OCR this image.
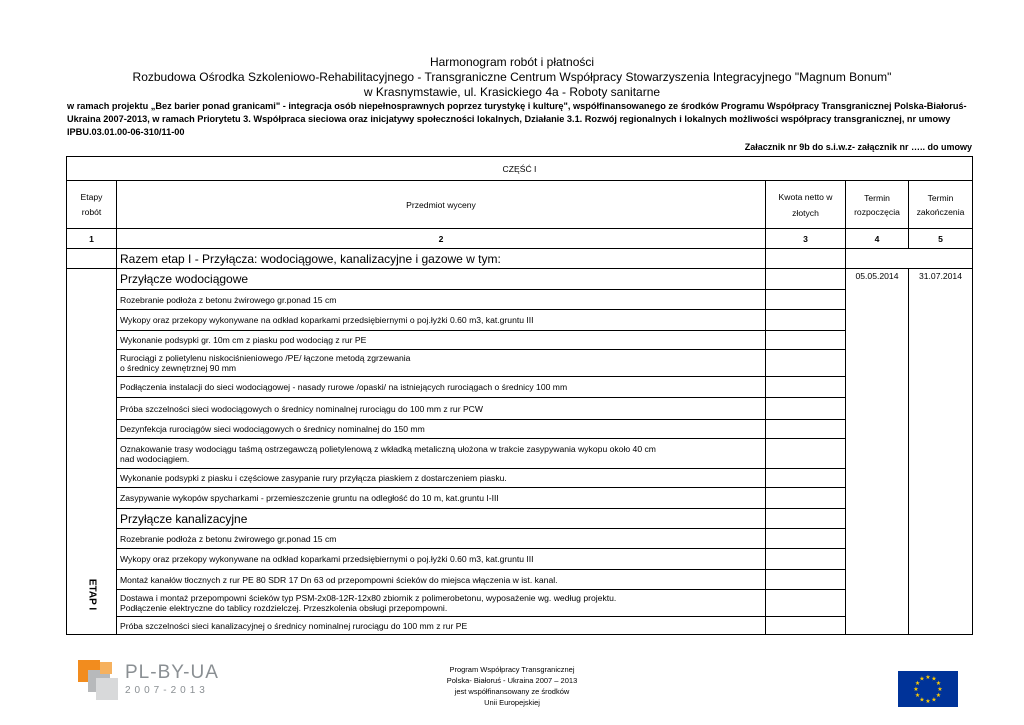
Harmonogram robót i płatności
Rozbudowa Ośrodka Szkoleniowo-Rehabilitacyjnego - Transgraniczne Centrum Współpracy Stowarzyszenia Integracyjnego "Magnum Bonum"
w Krasnymstawie, ul. Krasickiego 4a - Roboty sanitarne
w ramach projektu „Bez barier ponad granicami" - integracja osób niepełnosprawnych poprzez turystykę i kulturę", współfinansowanego ze środków Programu Współpracy Transgranicznej Polska-Białoruś-Ukraina 2007-2013, w ramach Priorytetu 3. Współpraca sieciowa oraz inicjatywy społeczności lokalnych, Działanie 3.1. Rozwój regionalnych i lokalnych możliwości współpracy transgranicznej, nr umowy IPBU.03.01.00-06-310/11-00
Załacznik nr 9b do s.i.w.z- załącznik nr ….. do umowy
CZĘŚĆ I				
Etapy robót	Przedmiot wyceny	Kwota netto w złotych	Termin rozpoczęcia	Termin zakończenia
1	2	3	4	5
	Razem etap I - Przyłącza: wodociągowe, kanalizacyjne i gazowe w tym:			

ETAP I	Przyłącze wodociągowe		05.05.2014	31.07.2014
	Rozebranie podłoża z betonu żwirowego gr.ponad 15 cm			
	Wykopy oraz przekopy wykonywane na odkład koparkami przedsiębiernymi o poj.łyżki 0.60 m3, kat.gruntu III			
	Wykonanie podsypki gr. 10m cm z piasku pod wodociąg z rur PE			

	Rurociągi z polietylenu niskociśnieniowego /PE/ łączone metodą zgrzewania
o średnicy zewnętrznej 90 mm			

	Podłączenia instalacji do sieci wodociągowej - nasady rurowe /opaski/ na istniejących rurociągach o średnicy 100 mm			
	Próba szczelności sieci wodociągowych o średnicy nominalnej rurociągu do 100 mm z rur PCW			
	Dezynfekcja rurociągów sieci wodociągowych o średnicy nominalnej do 150 mm			

	Oznakowanie trasy wodociągu taśmą ostrzegawczą polietylenową z wkładką metaliczną ułożona w trakcie zasypywania wykopu około 40 cm
nad wodociągiem.			

	Wykonanie podsypki z piasku i częściowe zasypanie rury przyłącza piaskiem z dostarczeniem piasku.			
	Zasypywanie wykopów spycharkami - przemieszczenie gruntu na odległość do 10 m, kat.gruntu I-III			
	Przyłącze kanalizacyjne			
	Rozebranie podłoża z betonu żwirowego gr.ponad 15 cm			
	Wykopy oraz przekopy wykonywane na odkład koparkami przedsiębiernymi o poj.łyżki 0.60 m3, kat.gruntu III			
	Montaż kanałów tłocznych z rur PE 80 SDR 17 Dn 63 od przepompowni ścieków do miejsca włączenia w ist. kanal.			

	Dostawa i montaż przepompowni ścieków typ PSM-2x08-12R-12x80 zbiornik z polimerobetonu, wyposażenie wg. według projektu.
Podłączenie elektryczne do tablicy rozdzielczej. Przeszkolenia obsługi przepompowni.			

	Próba szczelności sieci kanalizacyjnej o średnicy nominalnej rurociągu do 100 mm z rur PE			
PL-BY-UA
2007-2013
Program Współpracy Transgranicznej
Polska- Białoruś - Ukraina 2007 – 2013
jest współfinansowany ze środków
Unii Europejskiej
★ ★
★
★
★
★
★
★
★
★
★
★
